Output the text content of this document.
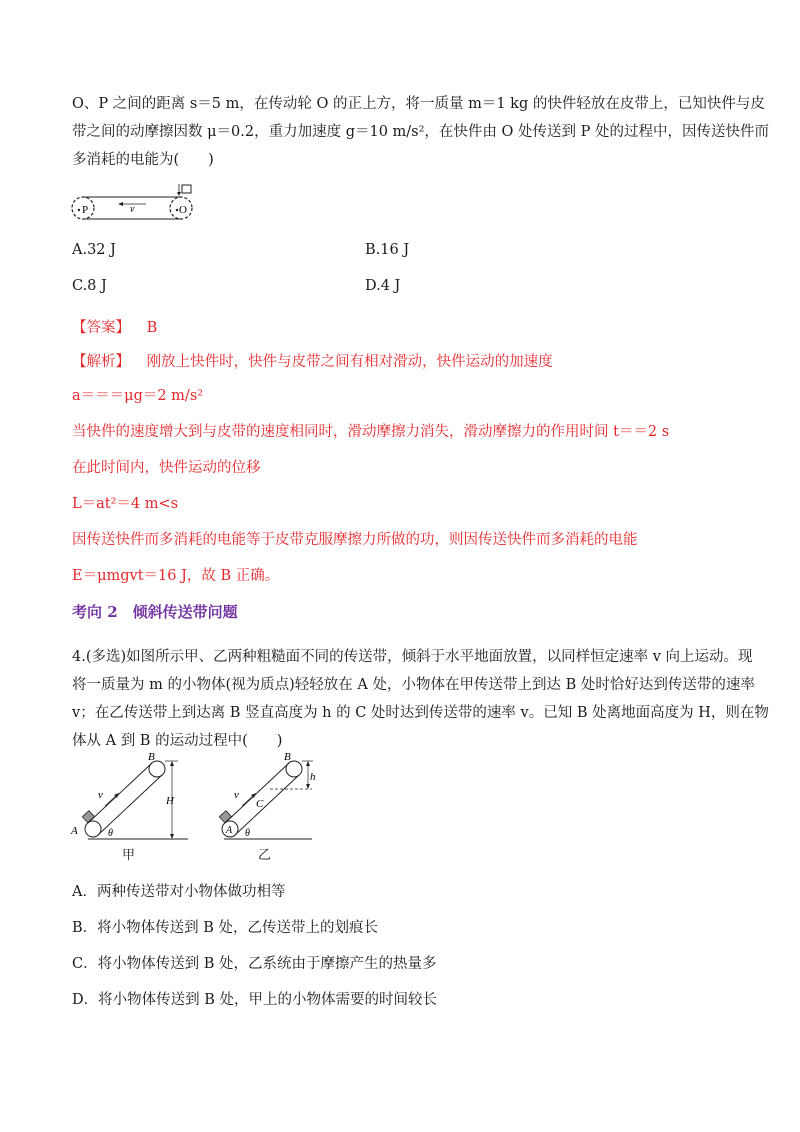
O、P 之间的距离 s＝5 m，在传动轮 O 的正上方，将一质量 m＝1 kg 的快件轻放在皮带上，已知快件与皮
带之间的动摩擦因数 μ＝0.2，重力加速度 g＝10 m/s²，在快件由 O 处传送到 P 处的过程中，因传送快件而
多消耗的电能为(　　)
P	O
v
A.32 J	B.16 J
C.8 J	D.4 J
【答案】 B
【解析】 刚放上快件时，快件与皮带之间有相对滑动，快件运动的加速度
a＝＝＝μg＝2 m/s²
当快件的速度增大到与皮带的速度相同时，滑动摩擦力消失，滑动摩擦力的作用时间 t＝＝2 s
在此时间内，快件运动的位移
L＝at²＝4 m<s
因传送快件而多消耗的电能等于皮带克服摩擦力所做的功，则因传送快件而多消耗的电能
E＝μmgvt＝16 J，故 B 正确。
考向 2　倾斜传送带问题
4.(多选)如图所示甲、乙两种粗糙面不同的传送带，倾斜于水平地面放置，以同样恒定速率 v 向上运动。现
将一质量为 m 的小物体(视为质点)轻轻放在 A 处，小物体在甲传送带上到达 B 处时恰好达到传送带的速率
v；在乙传送带上到达离 B 竖直高度为 h 的 C 处时达到传送带的速率 v。已知 B 处离地面高度为 H，则在物
体从 A 到 B 的运动过程中(　　)
v
B
A	θ
H
甲
v
B
A
C
θ
h
乙
A．两种传送带对小物体做功相等
B．将小物体传送到 B 处，乙传送带上的划痕长
C．将小物体传送到 B 处，乙系统由于摩擦产生的热量多
D．将小物体传送到 B 处，甲上的小物体需要的时间较长
